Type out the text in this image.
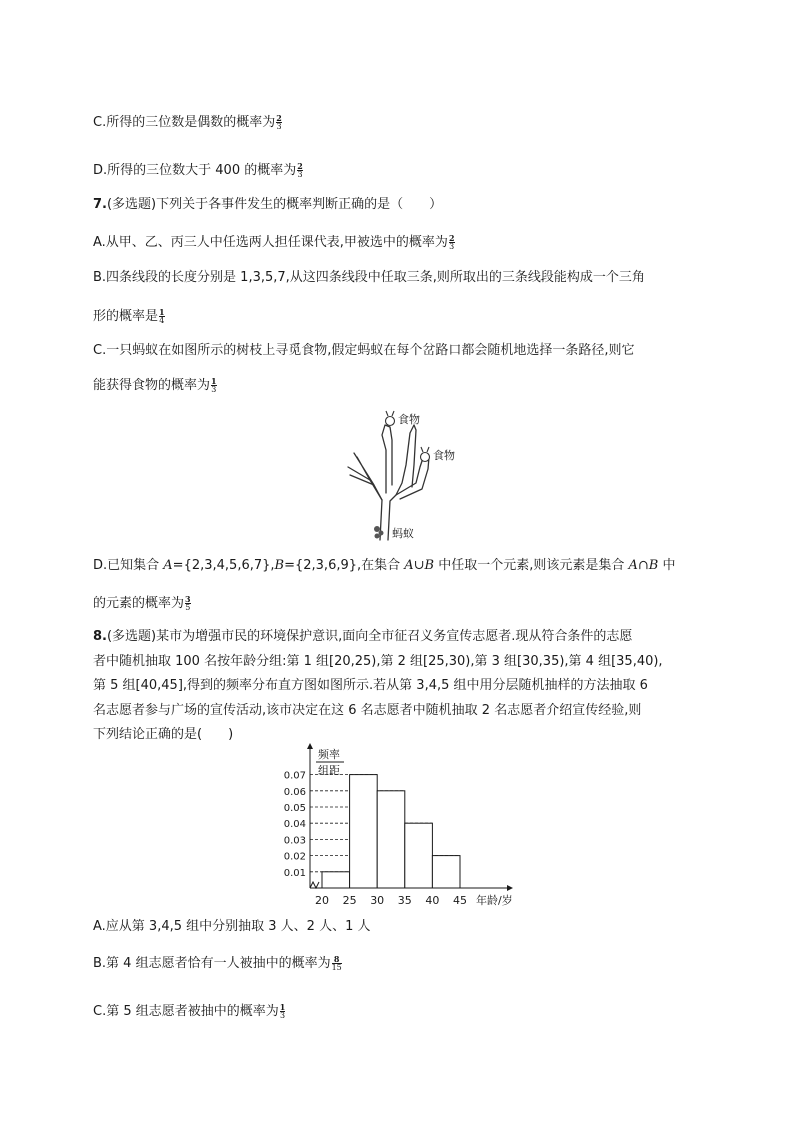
C.所得的三位数是偶数的概率为 $\frac{2}{3}$
D.所得的三位数大于 400 的概率为 $\frac{2}{3}$
7.(多选题)下列关于各事件发生的概率判断正确的是（　　）
A.从甲、乙、丙三人中任选两人担任课代表,甲被选中的概率为 $\frac{2}{3}$
B.四条线段的长度分别是 1,3,5,7,从这四条线段中任取三条,则所取出的三条线段能构成一个三角
形的概率是 $\frac{1}{4}$
C.一只蚂蚁在如图所示的树枝上寻觅食物,假定蚂蚁在每个岔路口都会随机地选择一条路径,则它
能获得食物的概率为 $\frac{1}{3}$
食物
食物
蚂蚁
D.已知集合 A={2,3,4,5,6,7},B={2,3,6,9},在集合 A∪B 中任取一个元素,则该元素是集合 A∩B 中
的元素的概率为 $\frac{3}{5}$
8.(多选题)某市为增强市民的环境保护意识,面向全市征召义务宣传志愿者.现从符合条件的志愿
者中随机抽取 100 名按年龄分组:第 1 组[20,25),第 2 组[25,30),第 3 组[30,35),第 4 组[35,40),
第 5 组[40,45],得到的频率分布直方图如图所示.若从第 3,4,5 组中用分层随机抽样的方法抽取 6
名志愿者参与广场的宣传活动,该市决定在这 6 名志愿者中随机抽取 2 名志愿者介绍宣传经验,则
下列结论正确的是(　　)
频率
组距
年龄/岁
0.01
0.02
0.03
0.04
0.05
0.06
0.07
20 25 30 35 40 45
A.应从第 3,4,5 组中分别抽取 3 人、2 人、1 人
B.第 4 组志愿者恰有一人被抽中的概率为 $\frac{8}{15}$
C.第 5 组志愿者被抽中的概率为 $\frac{1}{3}$
